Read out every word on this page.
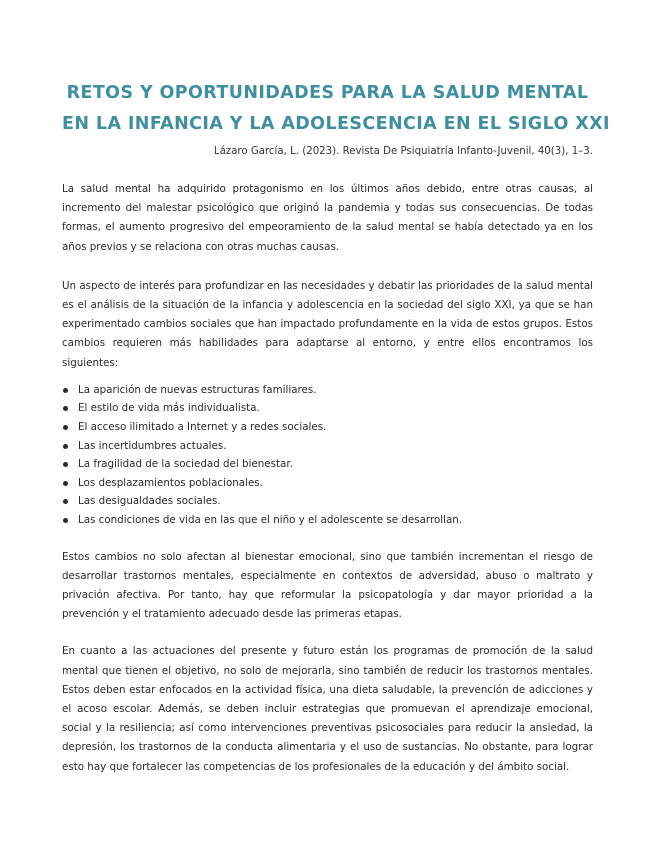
RETOS Y OPORTUNIDADES PARA LA SALUD MENTAL
EN LA INFANCIA Y LA ADOLESCENCIA EN EL SIGLO XXI
Lázaro García, L. (2023). Revista De Psiquiatría Infanto-Juvenil, 40(3), 1–3.

La salud mental ha adquirido protagonismo en los últimos años debido, entre otras causas, al incremento del malestar psicológico que originó la pandemia y todas sus consecuencias. De todas formas, el aumento progresivo del empeoramiento de la salud mental se había detectado ya en los años previos y se relaciona con otras muchas causas.

Un aspecto de interés para profundizar en las necesidades y debatir las prioridades de la salud mental es el análisis de la situación de la infancia y adolescencia en la sociedad del siglo XXI, ya que se han experimentado cambios sociales que han impactado profundamente en la vida de estos grupos. Estos cambios requieren más habilidades para adaptarse al entorno, y entre ellos encontramos los siguientes:

La aparición de nuevas estructuras familiares.
El estilo de vida más individualista.
El acceso ilimitado a Internet y a redes sociales.
Las incertidumbres actuales.
La fragilidad de la sociedad del bienestar.
Los desplazamientos poblacionales.
Las desigualdades sociales.
Las condiciones de vida en las que el niño y el adolescente se desarrollan.

Estos cambios no solo afectan al bienestar emocional, sino que también incrementan el riesgo de desarrollar trastornos mentales, especialmente en contextos de adversidad, abuso o maltrato y privación afectiva. Por tanto, hay que reformular la psicopatología y dar mayor prioridad a la prevención y el tratamiento adecuado desde las primeras etapas.

En cuanto a las actuaciones del presente y futuro están los programas de promoción de la salud mental que tienen el objetivo, no solo de mejorarla, sino también de reducir los trastornos mentales. Estos deben estar enfocados en la actividad física, una dieta saludable, la prevención de adicciones y el acoso escolar. Además, se deben incluir estrategias que promuevan el aprendizaje emocional, social y la resiliencia; así como intervenciones preventivas psicosociales para reducir la ansiedad, la depresión, los trastornos de la conducta alimentaria y el uso de sustancias. No obstante, para lograr esto hay que fortalecer las competencias de los profesionales de la educación y del ámbito social.
